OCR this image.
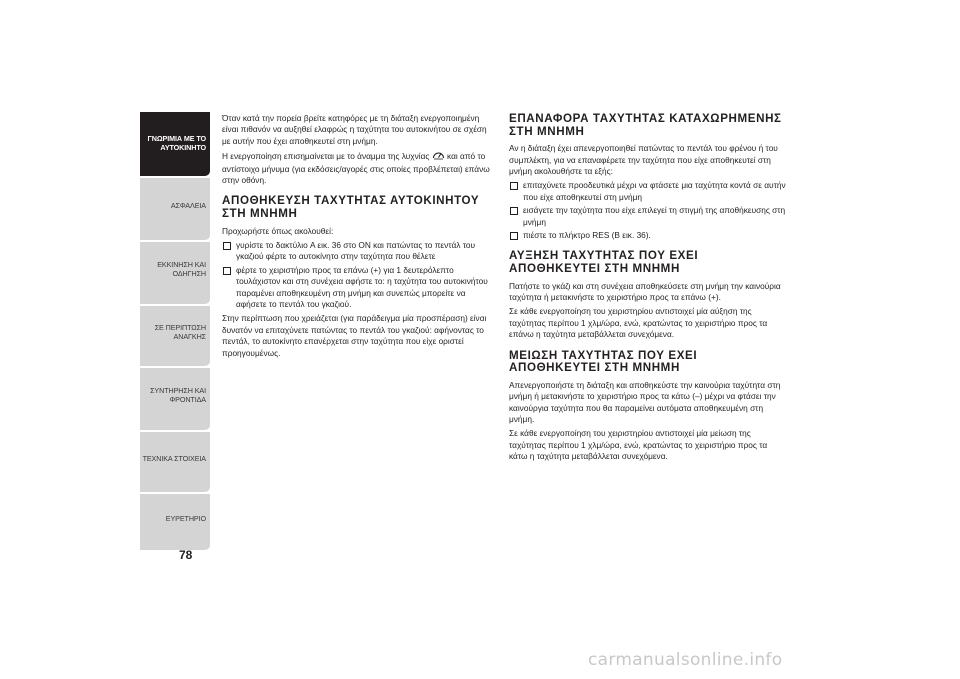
ΓΝΩΡΙΜΙΑ ΜΕ ΤΟ ΑΥΤΟΚΙΝΗΤΟ
ΑΣΦΑΛΕΙΑ
ΕΚΚΙΝΗΣΗ ΚΑΙ ΟΔΗΓΗΣΗ
ΣΕ ΠΕΡΙΠΤΩΣΗ ΑΝΑΓΚΗΣ
ΣΥΝΤΗΡΗΣΗ ΚΑΙ ΦΡΟΝΤΙΔΑ
ΤΕΧΝΙΚΑ ΣΤΟΙΧΕΙΑ
ΕΥΡΕΤΗΡΙΟ
78

Όταν κατά την πορεία βρείτε κατηφόρες με τη διάταξη ενεργοποιημένη είναι πιθανόν να αυξηθεί ελαφρώς η ταχύτητα του αυτοκινήτου σε σχέση με αυτήν που έχει αποθηκευτεί στη μνήμη.

Η ενεργοποίηση επισημαίνεται με το άναμμα της λυχνίας και από το αντίστοιχο μήνυμα (για εκδόσεις/αγορές στις οποίες προβλέπεται) επάνω στην οθόνη.

ΑΠΟΘΗΚΕΥΣΗ ΤΑΧΥΤΗΤΑΣ ΑΥΤΟΚΙΝΗΤΟΥ ΣΤΗ ΜΝΗΜΗ

Προχωρήστε όπως ακολουθεί:

γυρίστε το δακτύλιο A εικ. 36 στο ON και πατώντας το πεντάλ του γκαζιού φέρτε το αυτοκίνητο στην ταχύτητα που θέλετε
φέρτε το χειριστήριο προς τα επάνω (+) για 1 δευτερόλεπτο τουλάχιστον και στη συνέχεια αφήστε το: η ταχύτητα του αυτοκινήτου παραμένει αποθηκευμένη στη μνήμη και συνεπώς μπορείτε να αφήσετε το πεντάλ του γκαζιού.

Στην περίπτωση που χρειάζεται (για παράδειγμα μία προσπέραση) είναι δυνατόν να επιταχύνετε πατώντας το πεντάλ του γκαζιού: αφήνοντας το πεντάλ, το αυτοκίνητο επανέρχεται στην ταχύτητα που είχε οριστεί προηγουμένως.

ΕΠΑΝΑΦΟΡΑ ΤΑΧΥΤΗΤΑΣ ΚΑΤΑΧΩΡΗΜΕΝΗΣ ΣΤΗ ΜΝΗΜΗ

Αν η διάταξη έχει απενεργοποιηθεί πατώντας το πεντάλ του φρένου ή του συμπλέκτη, για να επαναφέρετε την ταχύτητα που είχε αποθηκευτεί στη μνήμη ακολουθήστε τα εξής:

επιταχύνετε προοδευτικά μέχρι να φτάσετε μια ταχύτητα κοντά σε αυτήν που είχε αποθηκευτεί στη μνήμη
εισάγετε την ταχύτητα που είχε επιλεγεί τη στιγμή της αποθήκευσης στη μνήμη
πιέστε το πλήκτρο RES (B εικ. 36).
ΑΥΞΗΣΗ ΤΑΧΥΤΗΤΑΣ ΠΟΥ ΕΧΕΙ ΑΠΟΘΗΚΕΥΤΕΙ ΣΤΗ ΜΝΗΜΗ

Πατήστε το γκάζι και στη συνέχεια αποθηκεύσετε στη μνήμη την καινούρια ταχύτητα ή μετακινήστε το χειριστήριο προς τα επάνω (+).

Σε κάθε ενεργοποίηση του χειριστηρίου αντιστοιχεί μία αύξηση της ταχύτητας περίπου 1 χλμ/ώρα, ενώ, κρατώντας το χειριστήριο προς τα επάνω η ταχύτητα μεταβάλλεται συνεχόμενα.

ΜΕΙΩΣΗ ΤΑΧΥΤΗΤΑΣ ΠΟΥ ΕΧΕΙ ΑΠΟΘΗΚΕΥΤΕΙ ΣΤΗ ΜΝΗΜΗ

Απενεργοποιήστε τη διάταξη και αποθηκεύστε την καινούρια ταχύτητα στη μνήμη ή μετακινήστε το χειριστήριο προς τα κάτω (–) μέχρι να φτάσει την καινούργια ταχύτητα που θα παραμείνει αυτόματα αποθηκευμένη στη μνήμη.

Σε κάθε ενεργοποίηση του χειριστηρίου αντιστοιχεί μία μείωση της ταχύτητας περίπου 1 χλμ/ώρα, ενώ, κρατώντας το χειριστήριο προς τα κάτω η ταχύτητα μεταβάλλεται συνεχόμενα.

carmanualsonline.info
